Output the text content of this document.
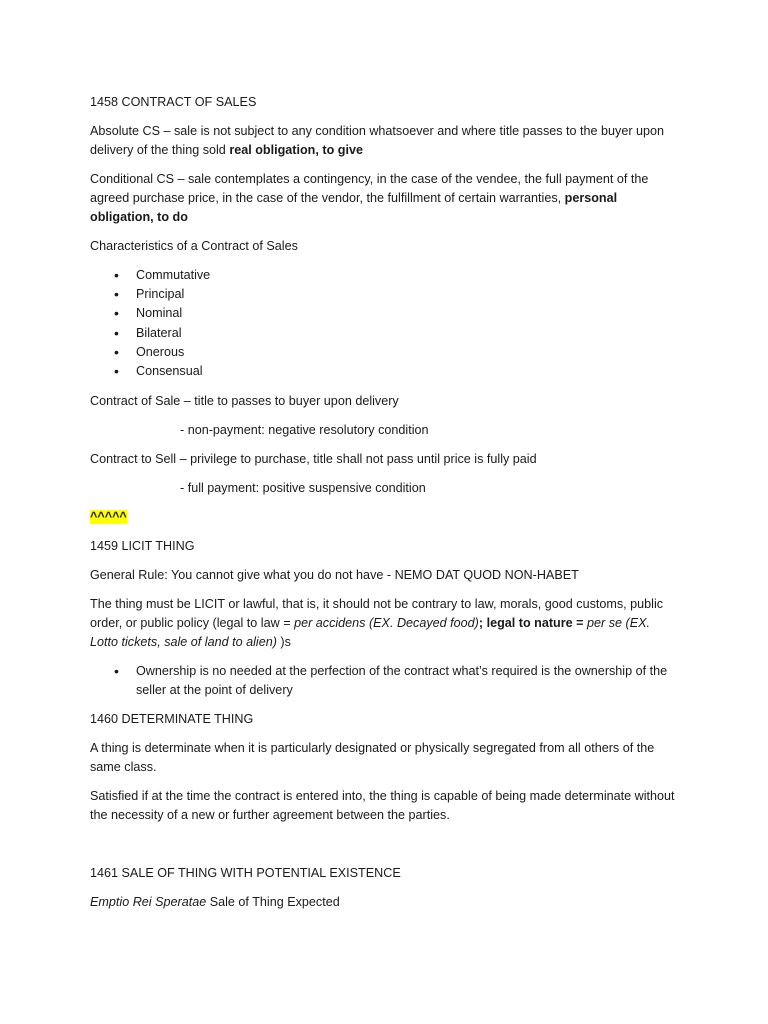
1458 CONTRACT OF SALES

Absolute CS – sale is not subject to any condition whatsoever and where title passes to the buyer upon delivery of the thing sold real obligation, to give

Conditional CS – sale contemplates a contingency, in the case of the vendee, the full payment of the agreed purchase price, in the case of the vendor, the fulfillment of certain warranties, personal obligation, to do

Characteristics of a Contract of Sales

• Commutative
• Principal
• Nominal
• Bilateral
• Onerous
• Consensual

Contract of Sale – title to passes to buyer upon delivery

- non-payment: negative resolutory condition

Contract to Sell – privilege to purchase, title shall not pass until price is fully paid

- full payment: positive suspensive condition

^^^^^

1459 LICIT THING

General Rule: You cannot give what you do not have - NEMO DAT QUOD NON-HABET

The thing must be LICIT or lawful, that is, it should not be contrary to law, morals, good customs, public order, or public policy (legal to law = per accidens (EX. Decayed food); legal to nature = per se (EX. Lotto tickets, sale of land to alien) )s

• Ownership is no needed at the perfection of the contract what’s required is the ownership of the seller at the point of delivery

1460 DETERMINATE THING

A thing is determinate when it is particularly designated or physically segregated from all others of the same class.

Satisfied if at the time the contract is entered into, the thing is capable of being made determinate without the necessity of a new or further agreement between the parties.

1461 SALE OF THING WITH POTENTIAL EXISTENCE

Emptio Rei Speratae Sale of Thing Expected
